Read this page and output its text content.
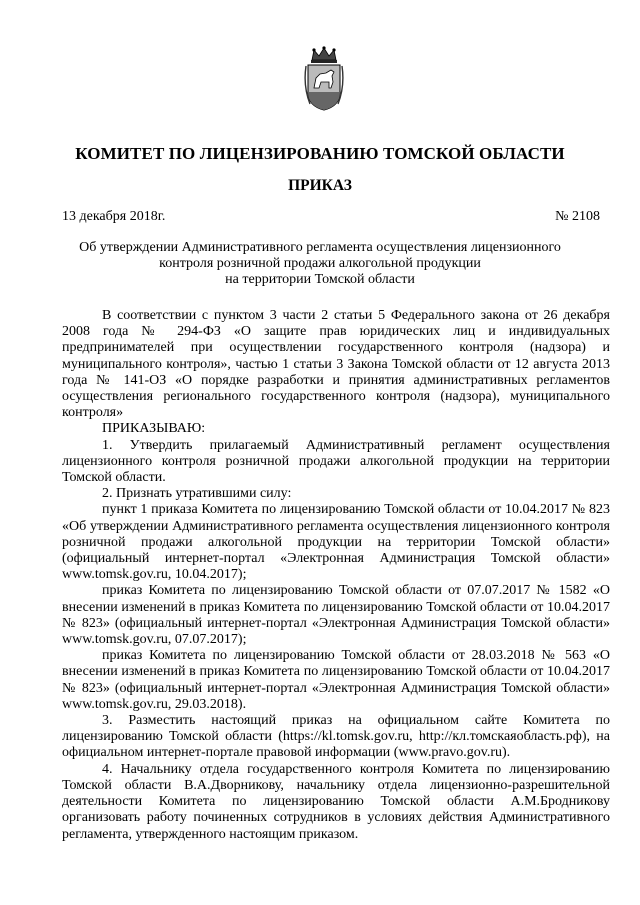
КОМИТЕТ ПО ЛИЦЕНЗИРОВАНИЮ ТОМСКОЙ ОБЛАСТИ
ПРИКАЗ
13 декабря 2018г.	№ 2108
Об утверждении Административного регламента осуществления лицензионного
контроля розничной продажи алкогольной продукции
на территории Томской области

В соответствии с пунктом 3 части 2 статьи 5 Федерального закона от 26 декабря 2008 года № 294-ФЗ «О защите прав юридических лиц и индивидуальных предпринимателей при осуществлении государственного контроля (надзора) и муниципального контроля», частью 1 статьи 3 Закона Томской области от 12 августа 2013 года № 141-ОЗ «О порядке разработки и принятия административных регламентов осуществления регионального государственного контроля (надзора), муниципального контроля»

ПРИКАЗЫВАЮ:

1. Утвердить прилагаемый Административный регламент осуществления лицензионного контроля розничной продажи алкогольной продукции на территории Томской области.

2. Признать утратившими силу:

пункт 1 приказа Комитета по лицензированию Томской области от 10.04.2017 № 823 «Об утверждении Административного регламента осуществления лицензионного контроля розничной продажи алкогольной продукции на территории Томской области» (официальный интернет-портал «Электронная Администрация Томской области» www.tomsk.gov.ru, 10.04.2017);

приказ Комитета по лицензированию Томской области от 07.07.2017 № 1582 «О внесении изменений в приказ Комитета по лицензированию Томской области от 10.04.2017 № 823» (официальный интернет-портал «Электронная Администрация Томской области» www.tomsk.gov.ru, 07.07.2017);

приказ Комитета по лицензированию Томской области от 28.03.2018 № 563 «О внесении изменений в приказ Комитета по лицензированию Томской области от 10.04.2017 № 823» (официальный интернет-портал «Электронная Администрация Томской области» www.tomsk.gov.ru, 29.03.2018).

3. Разместить настоящий приказ на официальном сайте Комитета по лицензированию Томской области (https://kl.tomsk.gov.ru, http://кл.томскаяобласть.рф), на официальном интернет-портале правовой информации (www.pravo.gov.ru).

4. Начальнику отдела государственного контроля Комитета по лицензированию Томской области В.А.Дворникову, начальнику отдела лицензионно-разрешительной деятельности Комитета по лицензированию Томской области А.М.Бродникову организовать работу починенных сотрудников в условиях действия Административного регламента, утвержденного настоящим приказом.
